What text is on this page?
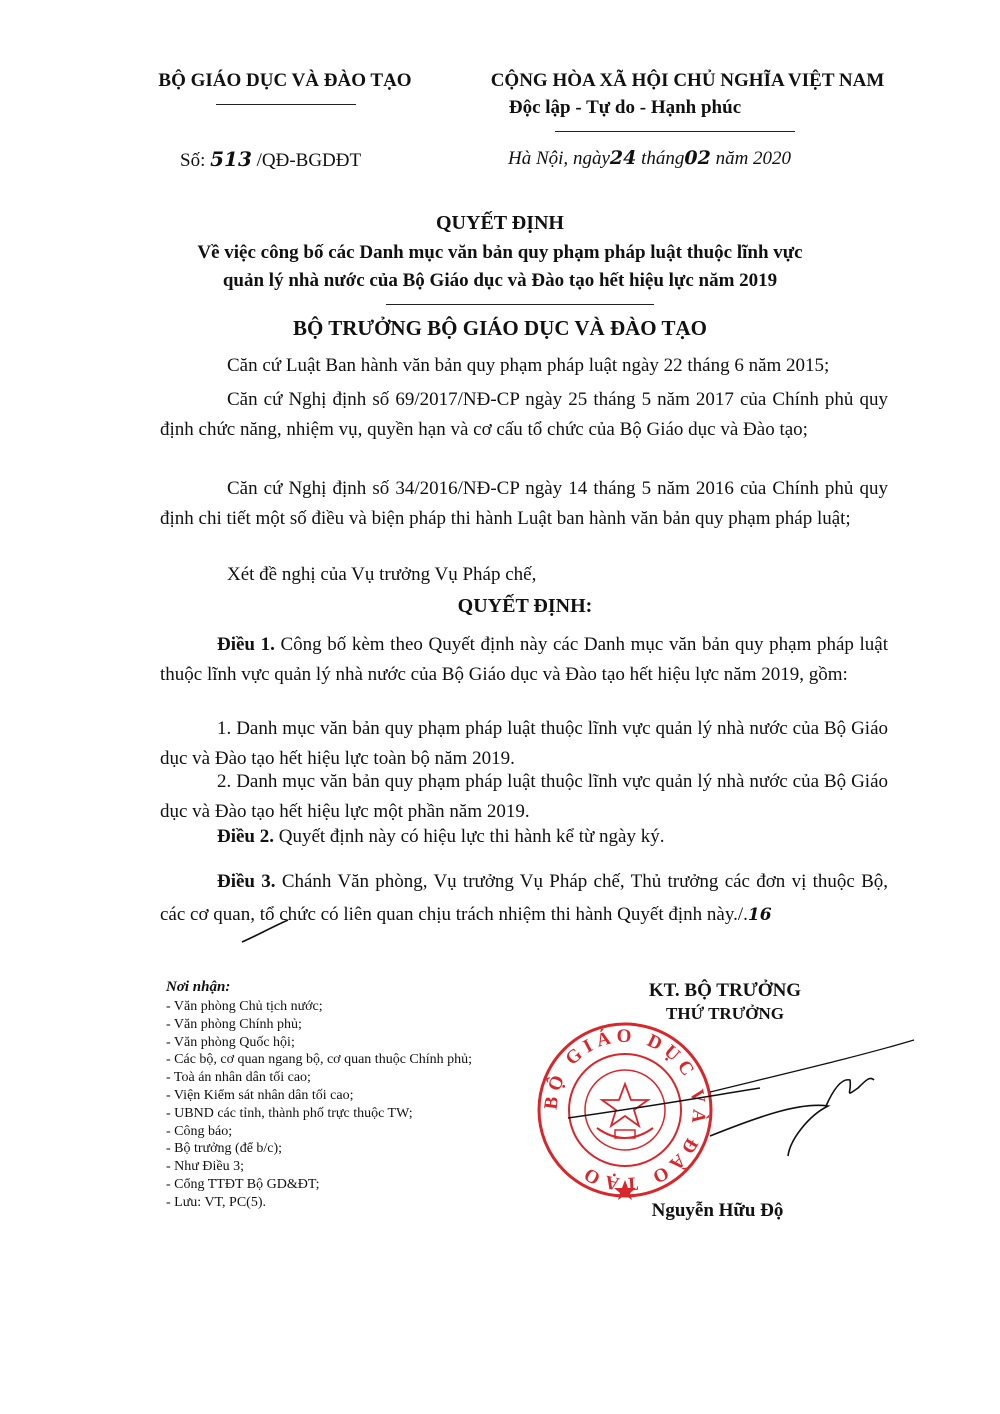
BỘ GIÁO DỤC VÀ ĐÀO TẠO
Số: 513 /QĐ-BGDĐT
CỘNG HÒA XÃ HỘI CHỦ NGHĨA VIỆT NAM
Độc lập - Tự do - Hạnh phúc
Hà Nội, ngày24 tháng02 năm 2020
QUYẾT ĐỊNH
Về việc công bố các Danh mục văn bản quy phạm pháp luật thuộc lĩnh vực
quản lý nhà nước của Bộ Giáo dục và Đào tạo hết hiệu lực năm 2019
BỘ TRƯỞNG BỘ GIÁO DỤC VÀ ĐÀO TẠO
Căn cứ Luật Ban hành văn bản quy phạm pháp luật ngày 22 tháng 6 năm 2015;
Căn cứ Nghị định số 69/2017/NĐ-CP ngày 25 tháng 5 năm 2017 của Chính phủ quy định chức năng, nhiệm vụ, quyền hạn và cơ cấu tổ chức của Bộ Giáo dục và Đào tạo;
Căn cứ Nghị định số 34/2016/NĐ-CP ngày 14 tháng 5 năm 2016 của Chính phủ quy định chi tiết một số điều và biện pháp thi hành Luật ban hành văn bản quy phạm pháp luật;
Xét đề nghị của Vụ trưởng Vụ Pháp chế,
QUYẾT ĐỊNH:
Điều 1. Công bố kèm theo Quyết định này các Danh mục văn bản quy phạm pháp luật thuộc lĩnh vực quản lý nhà nước của Bộ Giáo dục và Đào tạo hết hiệu lực năm 2019, gồm:
1. Danh mục văn bản quy phạm pháp luật thuộc lĩnh vực quản lý nhà nước của Bộ Giáo dục và Đào tạo hết hiệu lực toàn bộ năm 2019.
2. Danh mục văn bản quy phạm pháp luật thuộc lĩnh vực quản lý nhà nước của Bộ Giáo dục và Đào tạo hết hiệu lực một phần năm 2019.
Điều 2. Quyết định này có hiệu lực thi hành kể từ ngày ký.
Điều 3. Chánh Văn phòng, Vụ trưởng Vụ Pháp chế, Thủ trưởng các đơn vị thuộc Bộ, các cơ quan, tổ chức có liên quan chịu trách nhiệm thi hành Quyết định này./.16
Nơi nhận:
- Văn phòng Chủ tịch nước;
- Văn phòng Chính phủ;
- Văn phòng Quốc hội;
- Các bộ, cơ quan ngang bộ, cơ quan thuộc Chính phủ;
- Toà án nhân dân tối cao;
- Viện Kiểm sát nhân dân tối cao;
- UBND các tỉnh, thành phố trực thuộc TW;
- Công báo;
- Bộ trưởng (để b/c);
- Như Điều 3;
- Cổng TTĐT Bộ GD&ĐT;
- Lưu: VT, PC(5).
KT. BỘ TRƯỞNG
THỨ TRƯỞNG
BỘ GIÁO DỤC VÀ ĐÀO TẠO
Nguyễn Hữu Độ
